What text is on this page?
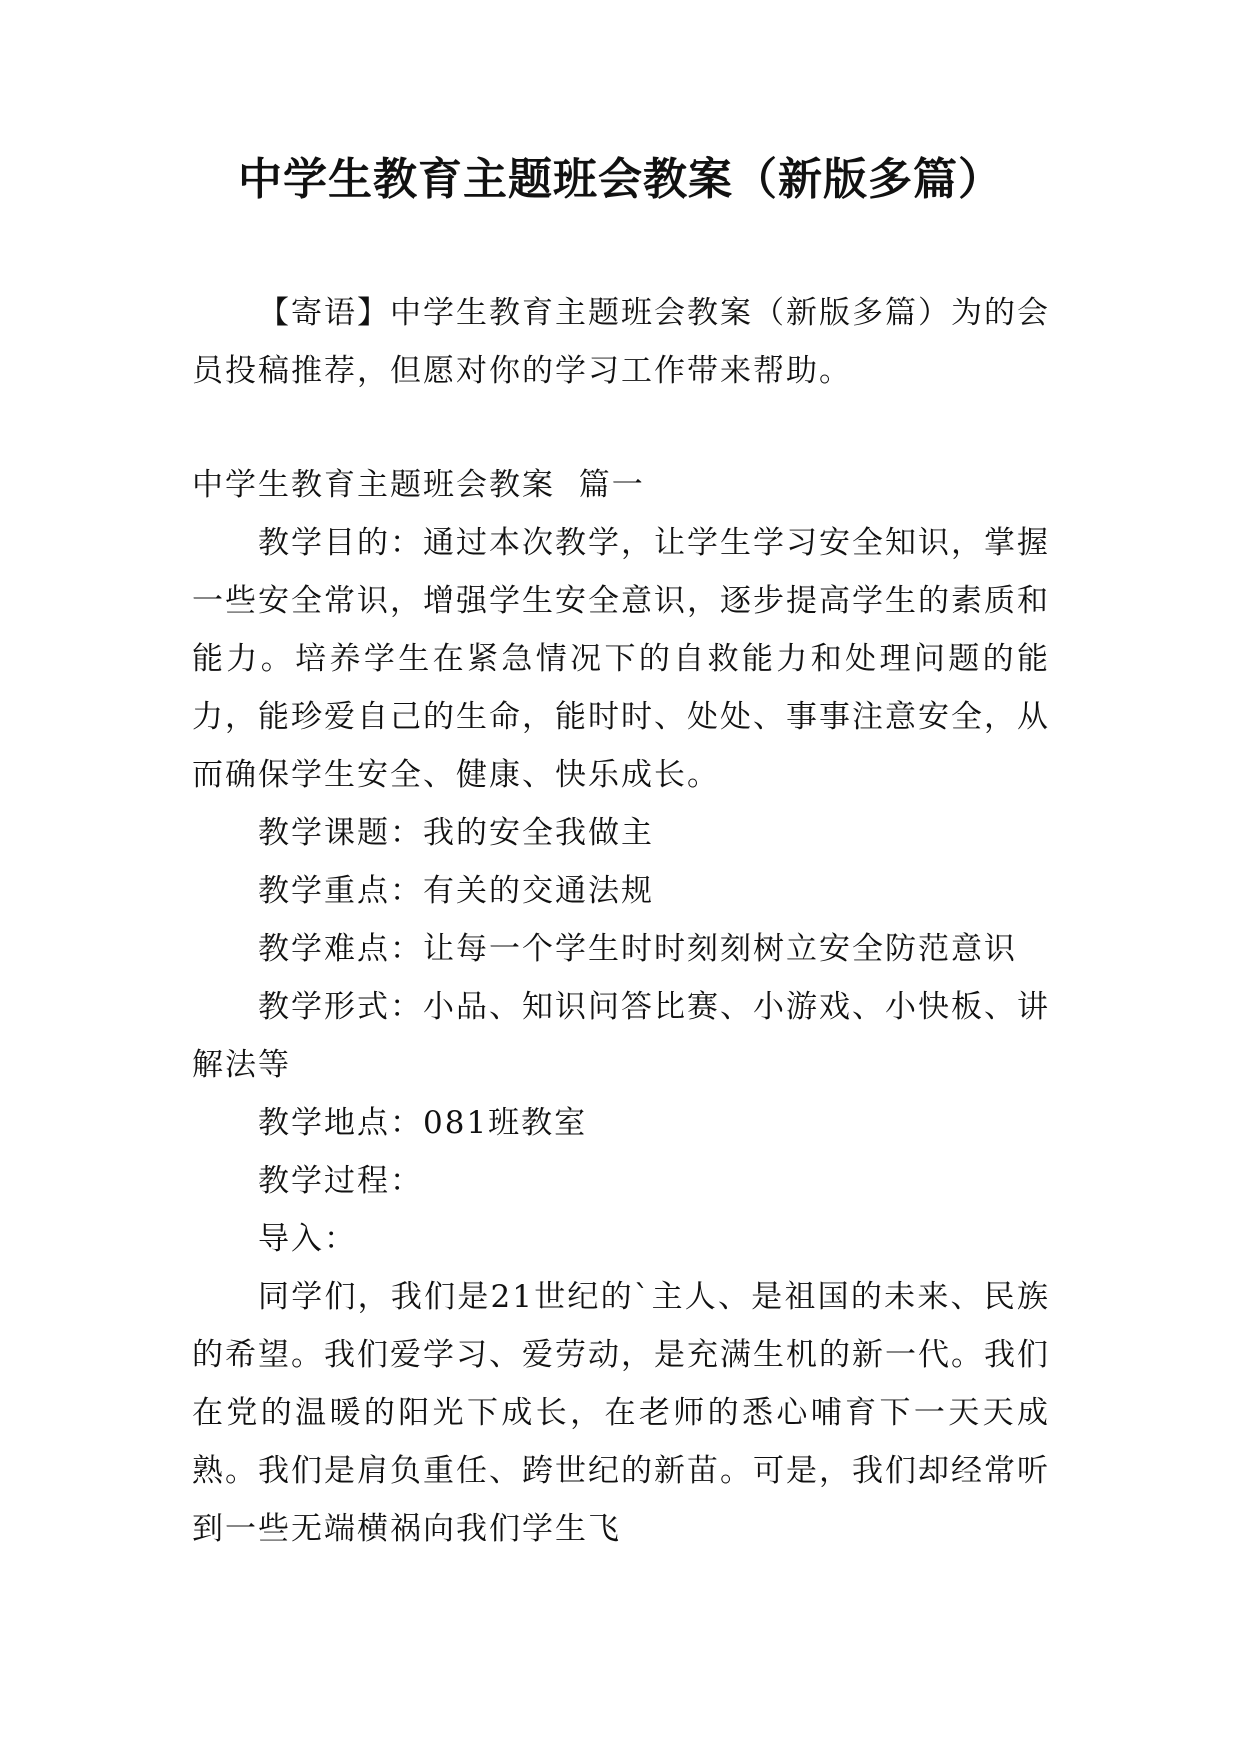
中学生教育主题班会教案（新版多篇）

【寄语】中学生教育主题班会教案（新版多篇）为的会员投稿推荐，但愿对你的学习工作带来帮助。

中学生教育主题班会教案  篇一

教学目的：通过本次教学，让学生学习安全知识，掌握一些安全常识，增强学生安全意识，逐步提高学生的素质和能力。培养学生在紧急情况下的自救能力和处理问题的能力，能珍爱自己的生命，能时时、处处、事事注意安全，从而确保学生安全、健康、快乐成长。

教学课题：我的安全我做主

教学重点：有关的交通法规

教学难点：让每一个学生时时刻刻树立安全防范意识

教学形式：小品、知识问答比赛、小游戏、小快板、讲解法等

教学地点：081班教室

教学过程：

导入：

同学们，我们是21世纪的`主人、是祖国的未来、民族的希望。我们爱学习、爱劳动，是充满生机的新一代。我们在党的温暖的阳光下成长，在老师的悉心哺育下一天天成熟。我们是肩负重任、跨世纪的新苗。可是，我们却经常听到一些无端横祸向我们学生飞
